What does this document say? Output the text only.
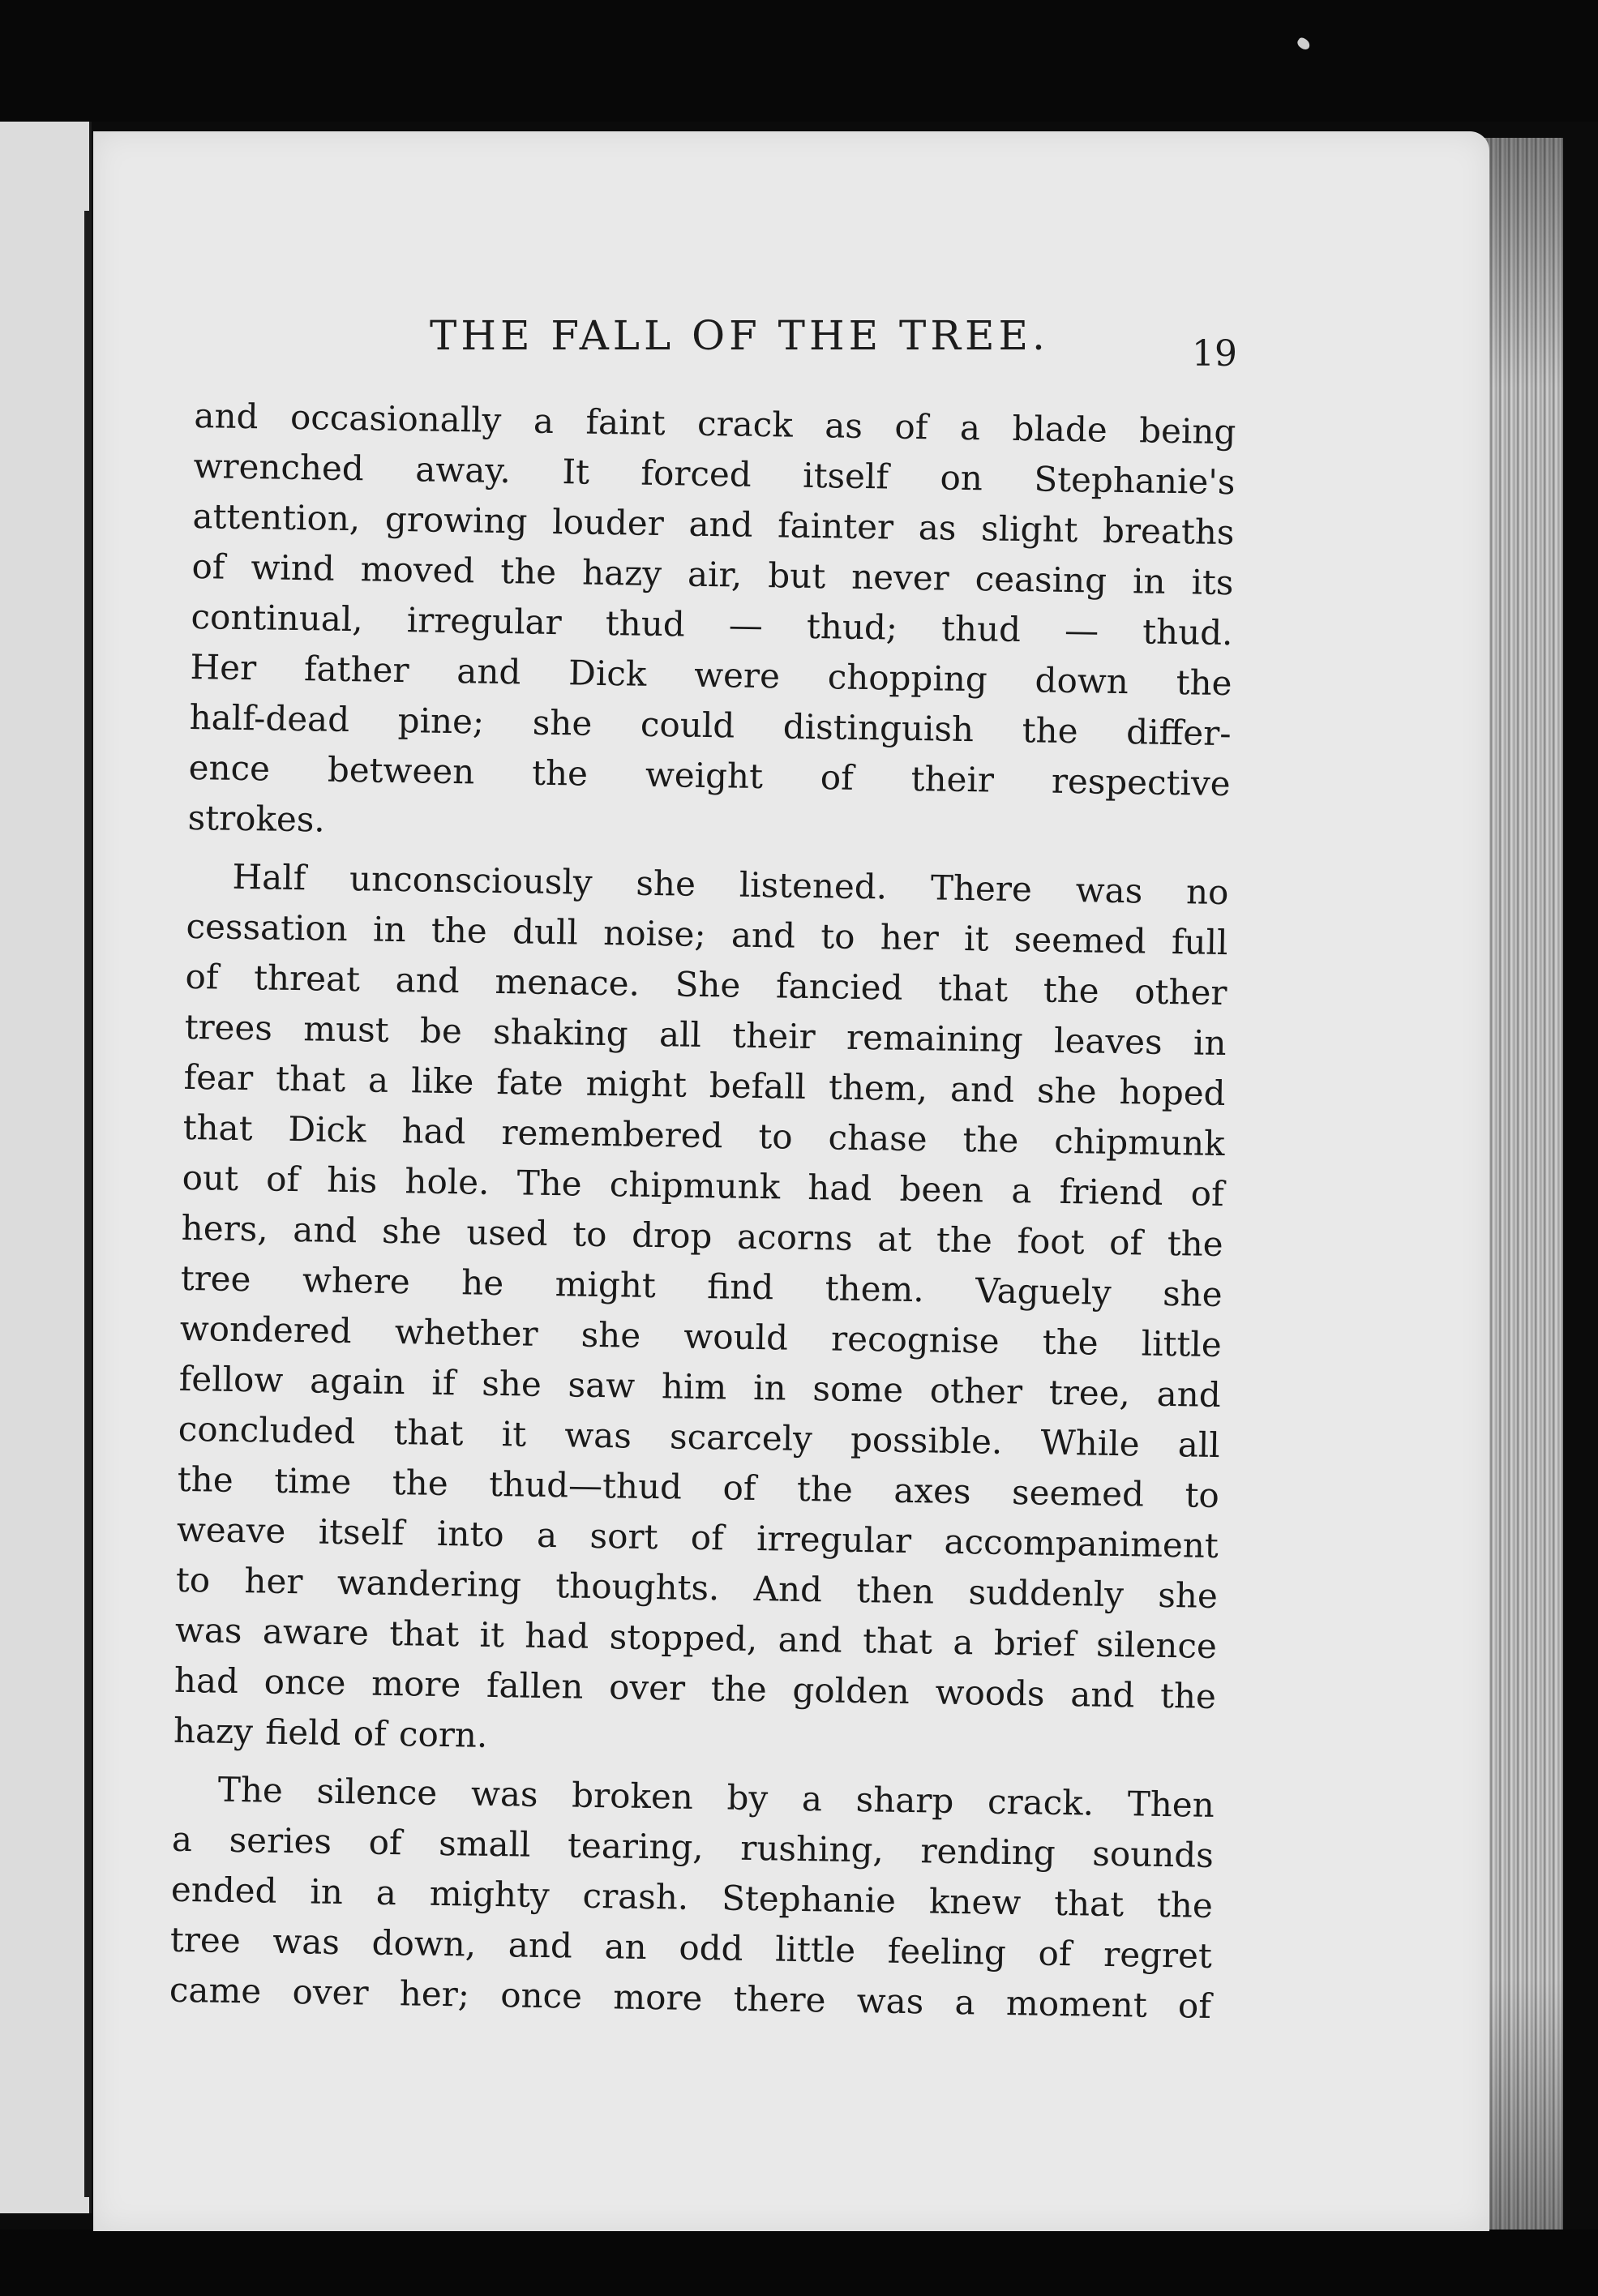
THE FALL OF THE TREE.	19
and occasionally a faint crack as of a blade being
wrenched away. It forced itself on Stephanie's
attention, growing louder and fainter as slight breaths
of wind moved the hazy air, but never ceasing in its
continual, irregular thud — thud; thud — thud.
Her father and Dick were chopping down the
half-dead pine; she could distinguish the differ-
ence between the weight of their respective
strokes.
Half unconsciously she listened. There was no
cessation in the dull noise; and to her it seemed full
of threat and menace. She fancied that the other
trees must be shaking all their remaining leaves in
fear that a like fate might befall them, and she hoped
that Dick had remembered to chase the chipmunk
out of his hole. The chipmunk had been a friend of
hers, and she used to drop acorns at the foot of the
tree where he might find them. Vaguely she
wondered whether she would recognise the little
fellow again if she saw him in some other tree, and
concluded that it was scarcely possible. While all
the time the thud—thud of the axes seemed to
weave itself into a sort of irregular accompaniment
to her wandering thoughts. And then suddenly she
was aware that it had stopped, and that a brief silence
had once more fallen over the golden woods and the
hazy field of corn.
The silence was broken by a sharp crack. Then
a series of small tearing, rushing, rending sounds
ended in a mighty crash. Stephanie knew that the
tree was down, and an odd little feeling of regret
came over her; once more there was a moment of
